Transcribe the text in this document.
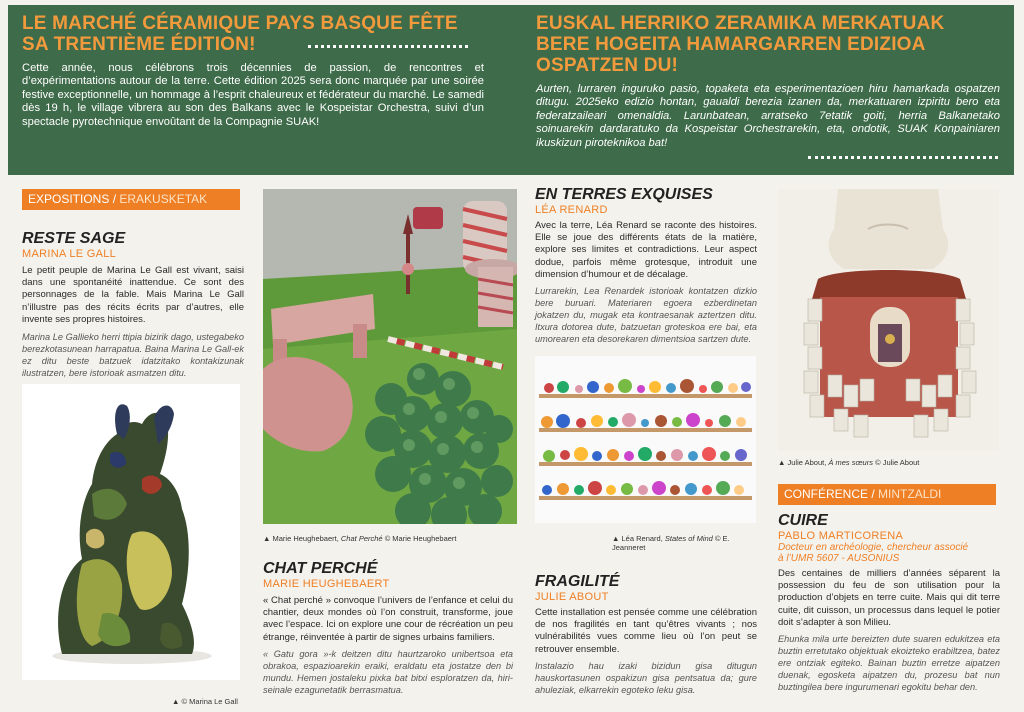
LE MARCHÉ CÉRAMIQUE PAYS BASQUE FÊTE SA TRENTIÈME ÉDITION!

Cette année, nous célébrons trois décennies de passion, de rencontres et d’expérimentations autour de la terre. Cette édition 2025 sera donc marquée par une soirée festive exceptionnelle, un hommage à l’esprit chaleureux et fédérateur du marché. Le samedi dès 19 h, le village vibrera au son des Balkans avec le Kospeistar Orchestra, suivi d’un spectacle pyrotechnique envoûtant de la Compagnie SUAK!

EUSKAL HERRIKO ZERAMIKA MERKATUAK BERE HOGEITA HAMARGARREN EDIZIOA OSPATZEN DU!

Aurten, lurraren inguruko pasio, topaketa eta esperimentazioen hiru hamarkada ospatzen ditugu. 2025eko edizio hontan, gaualdi berezia izanen da, merkatuaren izpiritu bero eta federatzaileari omenaldia. Larunbatean, arratseko 7etatik goiti, herria Balkanetako soinuarekin dardaratuko da Kospeistar Orchestrarekin, eta, ondotik, SUAK Konpainiaren ikuskizun piroteknikoa bat!

EXPOSITIONS / ERAKUSKETAK
RESTE SAGE
MARINA LE GALL

Le petit peuple de Marina Le Gall est vivant, saisi dans une spontanéité inattendue. Ce sont des personnages de la fable. Mais Marina Le Gall n’illustre pas des récits écrits par d’autres, elle invente ses propres histoires.

Marina Le Gallieko herri ttipia bizirik dago, ustegabeko berezkotasunean harrapatua. Baina Marina Le Gall-ek ez ditu beste batzuek idatzitako kontakizunak ilustratzen, bere istorioak asmatzen ditu.

▲ © Marina Le Gall
▲ Marie Heughebaert, Chat Perché © Marie Heughebaert
CHAT PERCHÉ
MARIE HEUGHEBAERT

« Chat perché » convoque l’univers de l’enfance et celui du chantier, deux mondes où l’on construit, transforme, joue avec l’espace. Ici on explore une cour de récréation un peu étrange, réinventée à partir de signes urbains familiers.

« Gatu gora »-k deitzen ditu haurtzaroko unibertsoa eta obrakoa, espazioarekin eraiki, eraldatu eta jostatze den bi mundu. Hemen jostaleku pixka bat bitxi esploratzen da, hiri-seinale ezagunetatik berrasmatua.

EN TERRES EXQUISES
LÉA RENARD

Avec la terre, Léa Renard se raconte des histoires. Elle se joue des différents états de la matière, explore ses limites et contradictions. Leur aspect dodue, parfois même grotesque, introduit une dimension d’humour et de décalage.

Lurrarekin, Lea Renardek istorioak kontatzen dizkio bere buruari. Materiaren egoera ezberdinetan jokatzen du, mugak eta kontraesanak aztertzen ditu. Itxura dotorea dute, batzuetan groteskoa ere bai, eta umorearen eta desorekaren dimentsioa sartzen dute.

▲ Léa Renard, States of Mind © E. Jeanneret
FRAGILITÉ
JULIE ABOUT

Cette installation est pensée comme une célébration de nos fragilités en tant qu’êtres vivants ; nos vulnérabilités vues comme lieu où l’on peut se retrouver ensemble.

Instalazio hau izaki bizidun gisa ditugun hauskortasunen ospakizun gisa pentsatua da; gure ahuleziak, elkarrekin egoteko leku gisa.

▲ Julie About, À mes sœurs © Julie About
CONFÉRENCE / MINTZALDI
CUIRE
PABLO MARTICORENA
Docteur en archéologie, chercheur associé
à l’UMR 5607 - AUSONIUS

Des centaines de milliers d’années séparent la possession du feu de son utilisation pour la production d’objets en terre cuite. Mais qui dit terre cuite, dit cuisson, un processus dans lequel le potier doit s’adapter à son Milieu.

Ehunka mila urte bereizten dute suaren edukitzea eta buztin erretutako objektuak ekoizteko erabiltzea, batez ere ontziak egiteko. Bainan buztin erretze aipatzen duenak, egosketa aipatzen du, prozesu bat nun buztingilea bere ingurumenari egokitu behar den.
